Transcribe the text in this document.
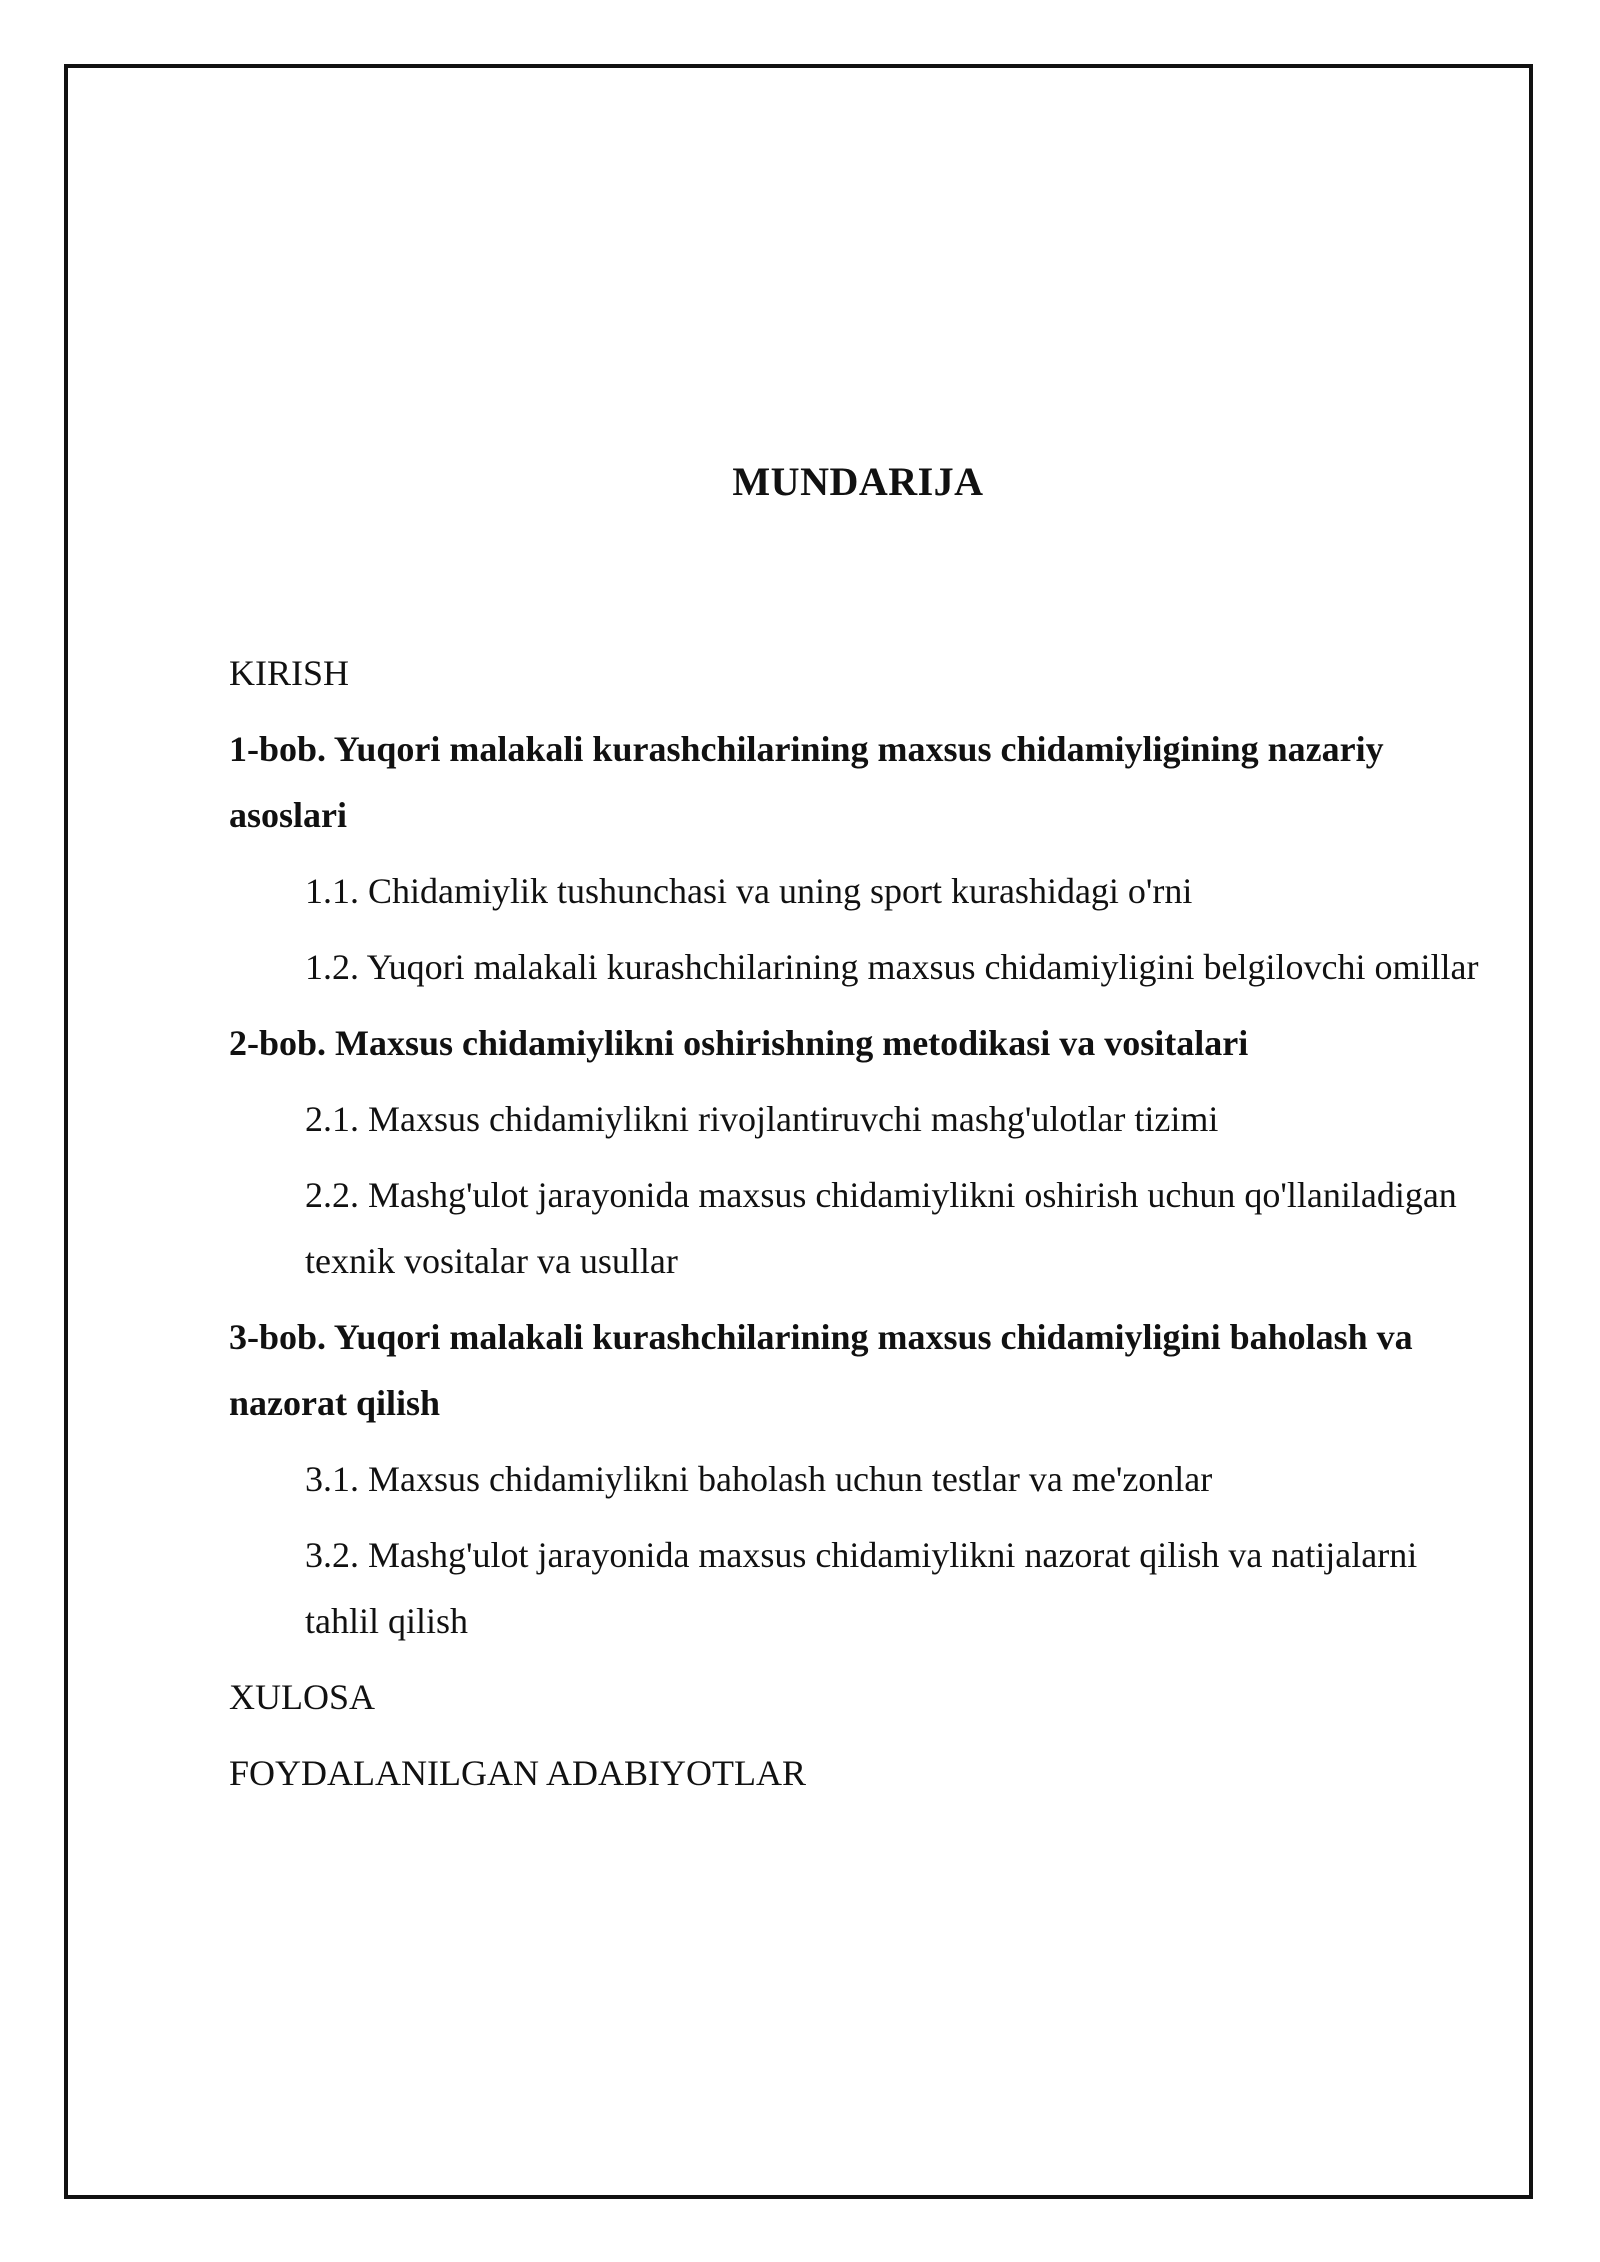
MUNDARIJA
KIRISH
1-bob. Yuqori malakali kurashchilarining maxsus chidamiyligining nazariy asoslari
1.1. Chidamiylik tushunchasi va uning sport kurashidagi o'rni
1.2. Yuqori malakali kurashchilarining maxsus chidamiyligini belgilovchi omillar
2-bob. Maxsus chidamiylikni oshirishning metodikasi va vositalari
2.1. Maxsus chidamiylikni rivojlantiruvchi mashg'ulotlar tizimi
2.2. Mashg'ulot jarayonida maxsus chidamiylikni oshirish uchun qo'llaniladigan texnik vositalar va usullar
3-bob. Yuqori malakali kurashchilarining maxsus chidamiyligini baholash va nazorat qilish
3.1. Maxsus chidamiylikni baholash uchun testlar va me'zonlar
3.2. Mashg'ulot jarayonida maxsus chidamiylikni nazorat qilish va natijalarni tahlil qilish
XULOSA
FOYDALANILGAN ADABIYOTLAR
